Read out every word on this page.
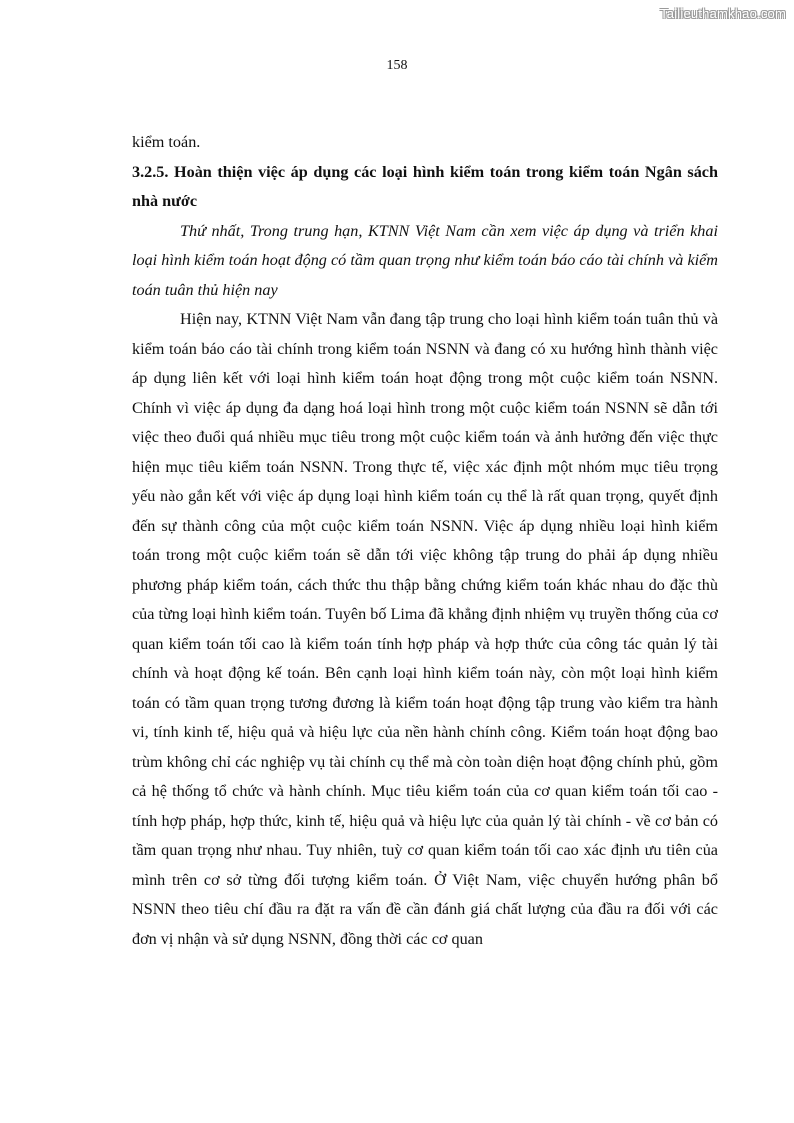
Tailieuthamkhao.com
158

kiểm toán.

3.2.5. Hoàn thiện việc áp dụng các loại hình kiểm toán trong kiểm toán Ngân sách nhà nước

Thứ nhất, Trong trung hạn, KTNN Việt Nam cần xem việc áp dụng và triển khai loại hình kiểm toán hoạt động có tầm quan trọng như kiểm toán báo cáo tài chính và kiểm toán tuân thủ hiện nay

Hiện nay, KTNN Việt Nam vẫn đang tập trung cho loại hình kiểm toán tuân thủ và kiểm toán báo cáo tài chính trong kiểm toán NSNN và đang có xu hướng hình thành việc áp dụng liên kết với loại hình kiểm toán hoạt động trong một cuộc kiểm toán NSNN. Chính vì việc áp dụng đa dạng hoá loại hình trong một cuộc kiểm toán NSNN sẽ dẫn tới việc theo đuổi quá nhiều mục tiêu trong một cuộc kiểm toán và ảnh hưởng đến việc thực hiện mục tiêu kiểm toán NSNN. Trong thực tế, việc xác định một nhóm mục tiêu trọng yếu nào gắn kết với việc áp dụng loại hình kiểm toán cụ thể là rất quan trọng, quyết định đến sự thành công của một cuộc kiểm toán NSNN. Việc áp dụng nhiều loại hình kiểm toán trong một cuộc kiểm toán sẽ dẫn tới việc không tập trung do phải áp dụng nhiều phương pháp kiểm toán, cách thức thu thập bằng chứng kiểm toán khác nhau do đặc thù của từng loại hình kiểm toán. Tuyên bố Lima đã khẳng định nhiệm vụ truyền thống của cơ quan kiểm toán tối cao là kiểm toán tính hợp pháp và hợp thức của công tác quản lý tài chính và hoạt động kế toán. Bên cạnh loại hình kiểm toán này, còn một loại hình kiểm toán có tầm quan trọng tương đương là kiểm toán hoạt động tập trung vào kiểm tra hành vi, tính kinh tế, hiệu quả và hiệu lực của nền hành chính công. Kiểm toán hoạt động bao trùm không chỉ các nghiệp vụ tài chính cụ thể mà còn toàn diện hoạt động chính phủ, gồm cả hệ thống tổ chức và hành chính. Mục tiêu kiểm toán của cơ quan kiểm toán tối cao - tính hợp pháp, hợp thức, kinh tế, hiệu quả và hiệu lực của quản lý tài chính - về cơ bản có tầm quan trọng như nhau. Tuy nhiên, tuỳ cơ quan kiểm toán tối cao xác định ưu tiên của mình trên cơ sở từng đối tượng kiểm toán. Ở Việt Nam, việc chuyển hướng phân bổ NSNN theo tiêu chí đầu ra đặt ra vấn đề cần đánh giá chất lượng của đầu ra đối với các đơn vị nhận và sử dụng NSNN, đồng thời các cơ quan
